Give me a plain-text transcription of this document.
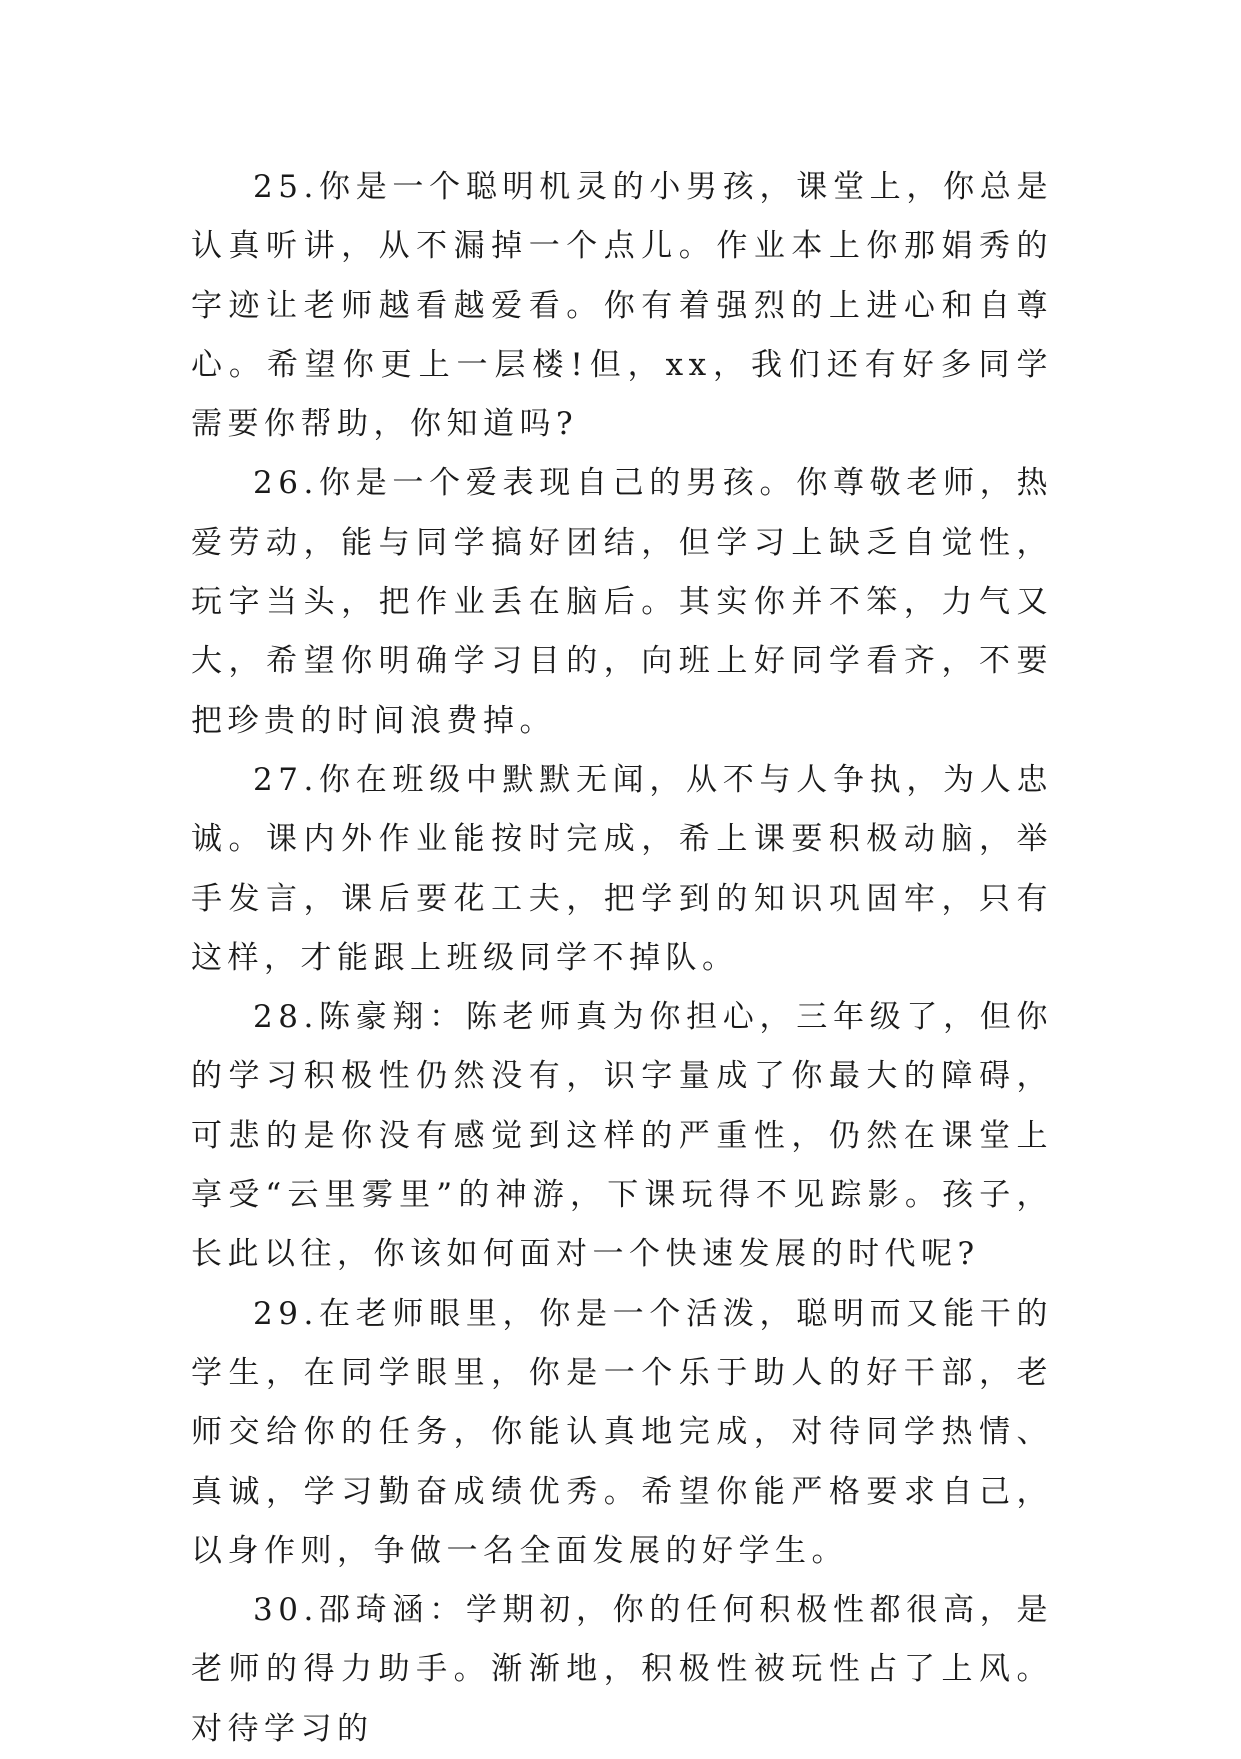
25.你是一个聪明机灵的小男孩，课堂上，你总是认真听讲，从不漏掉一个点儿。作业本上你那娟秀的字迹让老师越看越爱看。你有着强烈的上进心和自尊心。希望你更上一层楼!但，xx，我们还有好多同学需要你帮助，你知道吗?

26.你是一个爱表现自己的男孩。你尊敬老师，热爱劳动，能与同学搞好团结，但学习上缺乏自觉性，玩字当头，把作业丢在脑后。其实你并不笨，力气又大，希望你明确学习目的，向班上好同学看齐，不要把珍贵的时间浪费掉。

27.你在班级中默默无闻，从不与人争执，为人忠诚。课内外作业能按时完成，希上课要积极动脑，举手发言，课后要花工夫，把学到的知识巩固牢，只有这样，才能跟上班级同学不掉队。

28.陈豪翔：陈老师真为你担心，三年级了，但你的学习积极性仍然没有，识字量成了你最大的障碍，可悲的是你没有感觉到这样的严重性，仍然在课堂上享受“云里雾里”的神游，下课玩得不见踪影。孩子，长此以往，你该如何面对一个快速发展的时代呢?

29.在老师眼里，你是一个活泼，聪明而又能干的学生，在同学眼里，你是一个乐于助人的好干部，老师交给你的任务，你能认真地完成，对待同学热情、真诚，学习勤奋成绩优秀。希望你能严格要求自己，以身作则，争做一名全面发展的好学生。

30.邵琦涵：学期初，你的任何积极性都很高，是老师的得力助手。渐渐地，积极性被玩性占了上风。对待学习的
